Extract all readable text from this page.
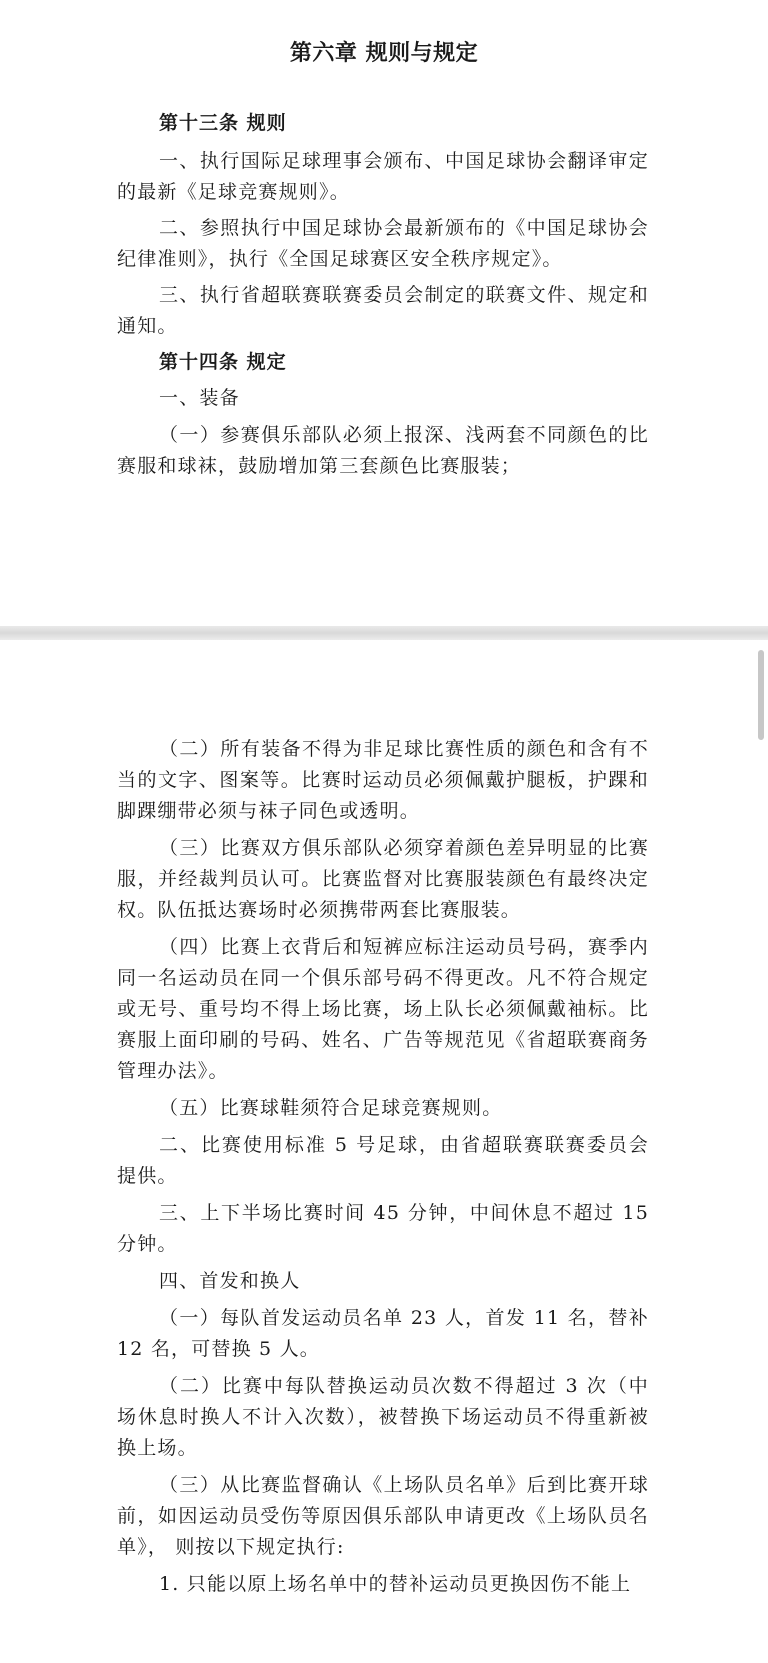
第六章 规则与规定

第十三条 规则

一、执行国际足球理事会颁布、中国足球协会翻译审定的最新《足球竞赛规则》。

二、参照执行中国足球协会最新颁布的《中国足球协会纪律准则》，执行《全国足球赛区安全秩序规定》。

三、执行省超联赛联赛委员会制定的联赛文件、规定和通知。

第十四条 规定

一、装备

（一）参赛俱乐部队必须上报深、浅两套不同颜色的比赛服和球袜，鼓励增加第三套颜色比赛服装；

（二）所有装备不得为非足球比赛性质的颜色和含有不当的文字、图案等。比赛时运动员必须佩戴护腿板，护踝和脚踝绷带必须与袜子同色或透明。

（三）比赛双方俱乐部队必须穿着颜色差异明显的比赛服，并经裁判员认可。比赛监督对比赛服装颜色有最终决定权。队伍抵达赛场时必须携带两套比赛服装。

（四）比赛上衣背后和短裤应标注运动员号码，赛季内同一名运动员在同一个俱乐部号码不得更改。凡不符合规定或无号、重号均不得上场比赛，场上队长必须佩戴袖标。比赛服上面印刷的号码、姓名、广告等规范见《省超联赛商务管理办法》。

（五）比赛球鞋须符合足球竞赛规则。

二、比赛使用标准 5 号足球，由省超联赛联赛委员会提供。

三、上下半场比赛时间 45 分钟，中间休息不超过 15 分钟。

四、首发和换人

（一）每队首发运动员名单 23 人，首发 11 名，替补 12 名，可替换 5 人。

（二）比赛中每队替换运动员次数不得超过 3 次（中场休息时换人不计入次数），被替换下场运动员不得重新被换上场。

（三）从比赛监督确认《上场队员名单》后到比赛开球前，如因运动员受伤等原因俱乐部队申请更改《上场队员名单》， 则按以下规定执行:

1. 只能以原上场名单中的替补运动员更换因伤不能上
